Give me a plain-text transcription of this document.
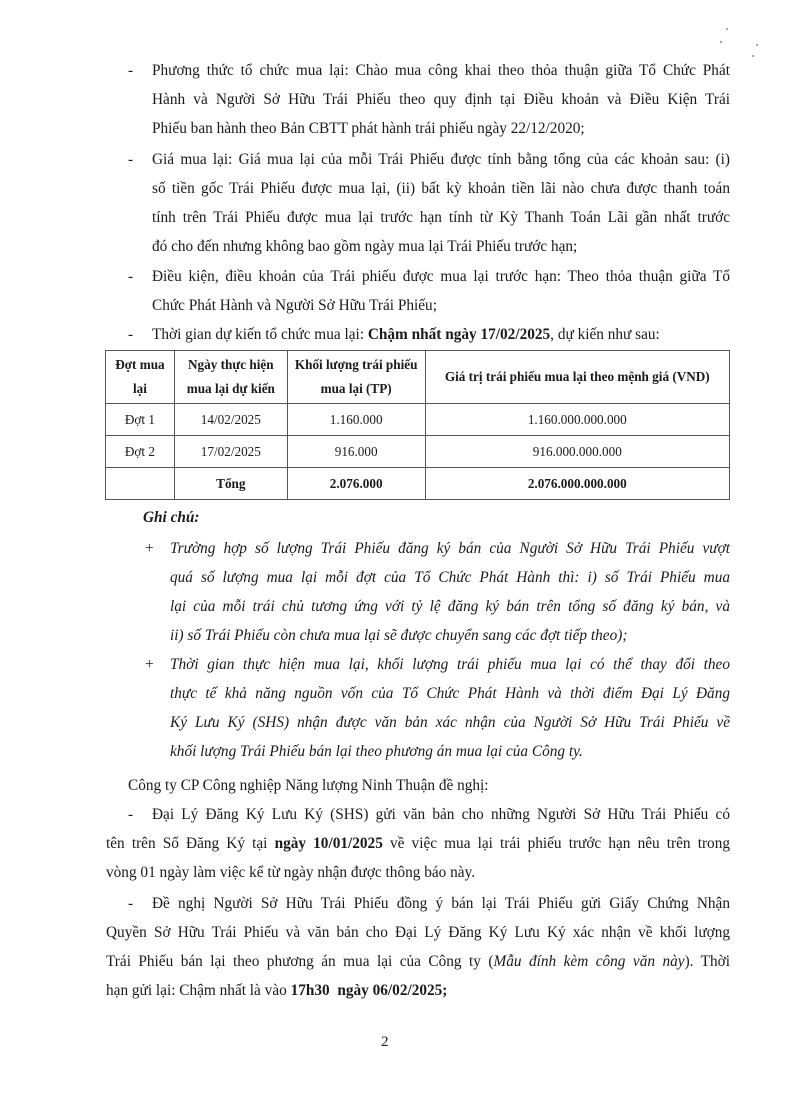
- Phương thức tổ chức mua lại: Chào mua công khai theo thỏa thuận giữa Tổ Chức Phát
Hành và Người Sở Hữu Trái Phiếu theo quy định tại Điều khoản và Điều Kiện Trái
Phiếu ban hành theo Bản CBTT phát hành trái phiếu ngày 22/12/2020;
- Giá mua lại: Giá mua lại của mỗi Trái Phiếu được tính bằng tổng của các khoản sau: (i)
số tiền gốc Trái Phiếu được mua lại, (ii) bất kỳ khoản tiền lãi nào chưa được thanh toán
tính trên Trái Phiếu được mua lại trước hạn tính từ Kỳ Thanh Toán Lãi gần nhất trước
đó cho đến nhưng không bao gồm ngày mua lại Trái Phiếu trước hạn;
- Điều kiện, điều khoản của Trái phiếu được mua lại trước hạn: Theo thỏa thuận giữa Tổ
Chức Phát Hành và Người Sở Hữu Trái Phiếu;
- Thời gian dự kiến tổ chức mua lại: Chậm nhất ngày 17/02/2025, dự kiến như sau:
Đợt mua lại	Ngày thực hiện mua lại dự kiến	Khối lượng trái phiếu mua lại (TP)	Giá trị trái phiếu mua lại theo mệnh giá (VND)
Đợt 1	14/02/2025	1.160.000	1.160.000.000.000
Đợt 2	17/02/2025	916.000	916.000.000.000
	Tổng	2.076.000	2.076.000.000.000
Ghi chú:
+ Trường hợp số lượng Trái Phiếu đăng ký bán của Người Sở Hữu Trái Phiếu vượt
quá số lượng mua lại mỗi đợt của Tổ Chức Phát Hành thì: i) số Trái Phiếu mua
lại của mỗi trái chủ tương ứng với tỷ lệ đăng ký bán trên tổng số đăng ký bán, và
ii) số Trái Phiếu còn chưa mua lại sẽ được chuyển sang các đợt tiếp theo);
+ Thời gian thực hiện mua lại, khối lượng trái phiếu mua lại có thể thay đổi theo
thực tế khả năng nguồn vốn của Tổ Chức Phát Hành và thời điểm Đại Lý Đăng
Ký Lưu Ký (SHS) nhận được văn bản xác nhận của Người Sở Hữu Trái Phiếu về
khối lượng Trái Phiếu bán lại theo phương án mua lại của Công ty.
Công ty CP Công nghiệp Năng lượng Ninh Thuận đề nghị:
- Đại Lý Đăng Ký Lưu Ký (SHS) gửi văn bản cho những Người Sở Hữu Trái Phiếu có
tên trên Sổ Đăng Ký tại ngày 10/01/2025 về việc mua lại trái phiếu trước hạn nêu trên trong
vòng 01 ngày làm việc kể từ ngày nhận được thông báo này.
- Đề nghị Người Sở Hữu Trái Phiếu đồng ý bán lại Trái Phiếu gửi Giấy Chứng Nhận
Quyền Sở Hữu Trái Phiếu và văn bản cho Đại Lý Đăng Ký Lưu Ký xác nhận về khối lượng
Trái Phiếu bán lại theo phương án mua lại của Công ty (Mẫu đính kèm công văn này). Thời
hạn gửi lại: Chậm nhất là vào 17h30  ngày 06/02/2025;
2
